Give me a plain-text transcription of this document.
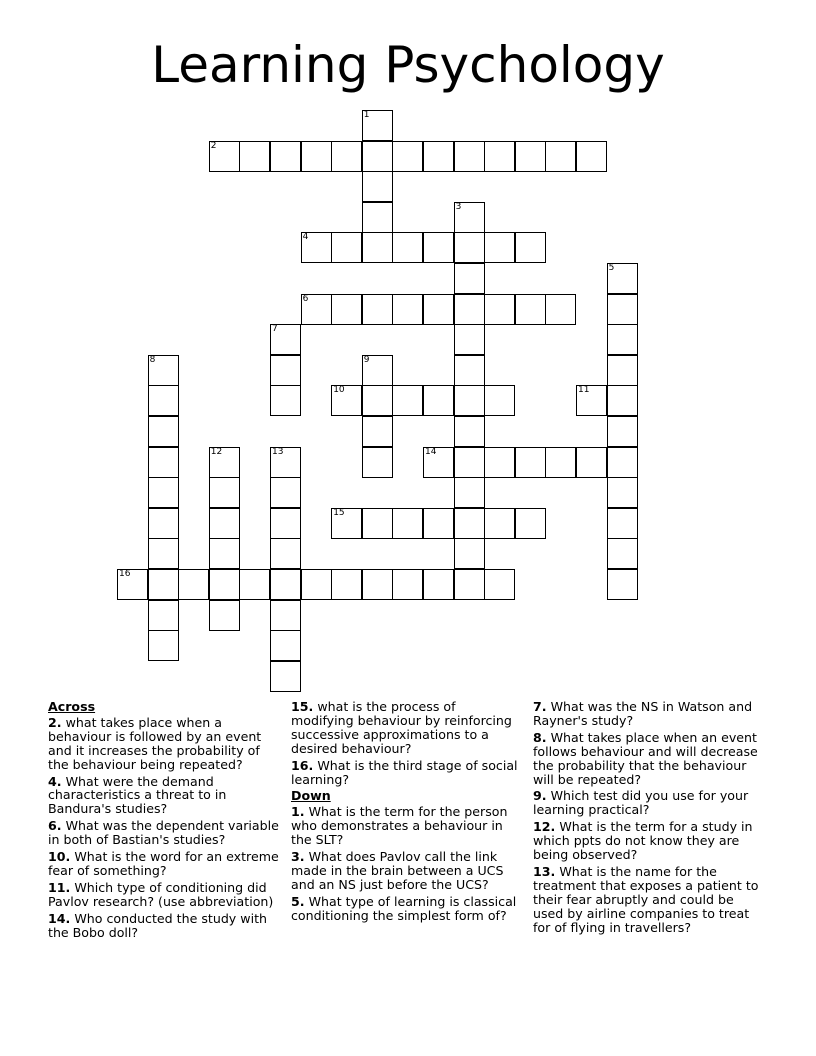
Learning Psychology
1
2
3
4
5
6
7
8	9
10	11
12	13	14
15
16
Across
2. what takes place when a behaviour is followed by an event and it increases the probability of the behaviour being repeated?
4. What were the demand characteristics a threat to in Bandura's studies?
6. What was the dependent variable in both of Bastian's studies?
10. What is the word for an extreme fear of something?
11. Which type of conditioning did Pavlov research? (use abbreviation)
14. Who conducted the study with the Bobo doll?
15. what is the process of modifying behaviour by reinforcing successive approximations to a desired behaviour?
16. What is the third stage of social learning?
Down
1. What is the term for the person who demonstrates a behaviour in the SLT?
3. What does Pavlov call the link made in the brain between a UCS and an NS just before the UCS?
5. What type of learning is classical conditioning the simplest form of?
7. What was the NS in Watson and Rayner's study?
8. What takes place when an event follows behaviour and will decrease the probability that the behaviour will be repeated?
9. Which test did you use for your learning practical?
12. What is the term for a study in which ppts do not know they are being observed?
13. What is the name for the treatment that exposes a patient to their fear abruptly and could be used by airline companies to treat for of flying in travellers?
